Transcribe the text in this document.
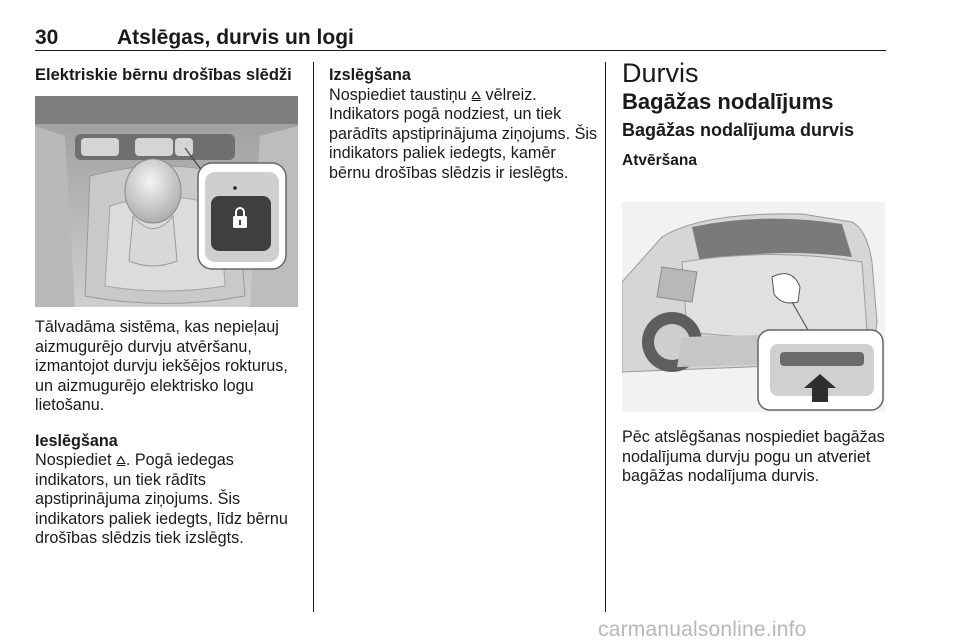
30	Atslēgas, durvis un logi

Elektriskie bērnu drošības slēdži

Tālvadāma sistēma, kas nepieļauj

aizmugurējo durvju atvēršanu,

izmantojot durvju iekšējos rokturus,

un aizmugurējo elektrisko logu

lietošanu.

Ieslēgšana

Nospiediet ⩠. Pogā iedegas

indikators, un tiek rādīts

apstiprinājuma ziņojums. Šis

indikators paliek iedegts, līdz bērnu

drošības slēdzis tiek izslēgts.

Izslēgšana

Nospiediet taustiņu ⩠ vēlreiz.

Indikators pogā nodziest, un tiek

parādīts apstiprinājuma ziņojums. Šis

indikators paliek iedegts, kamēr

bērnu drošības slēdzis ir ieslēgts.

Durvis

Bagāžas nodalījums

Bagāžas nodalījuma durvis

Atvēršana

Pēc atslēgšanas nospiediet bagāžas

nodalījuma durvju pogu un atveriet

bagāžas nodalījuma durvis.

carmanualsonline.info
